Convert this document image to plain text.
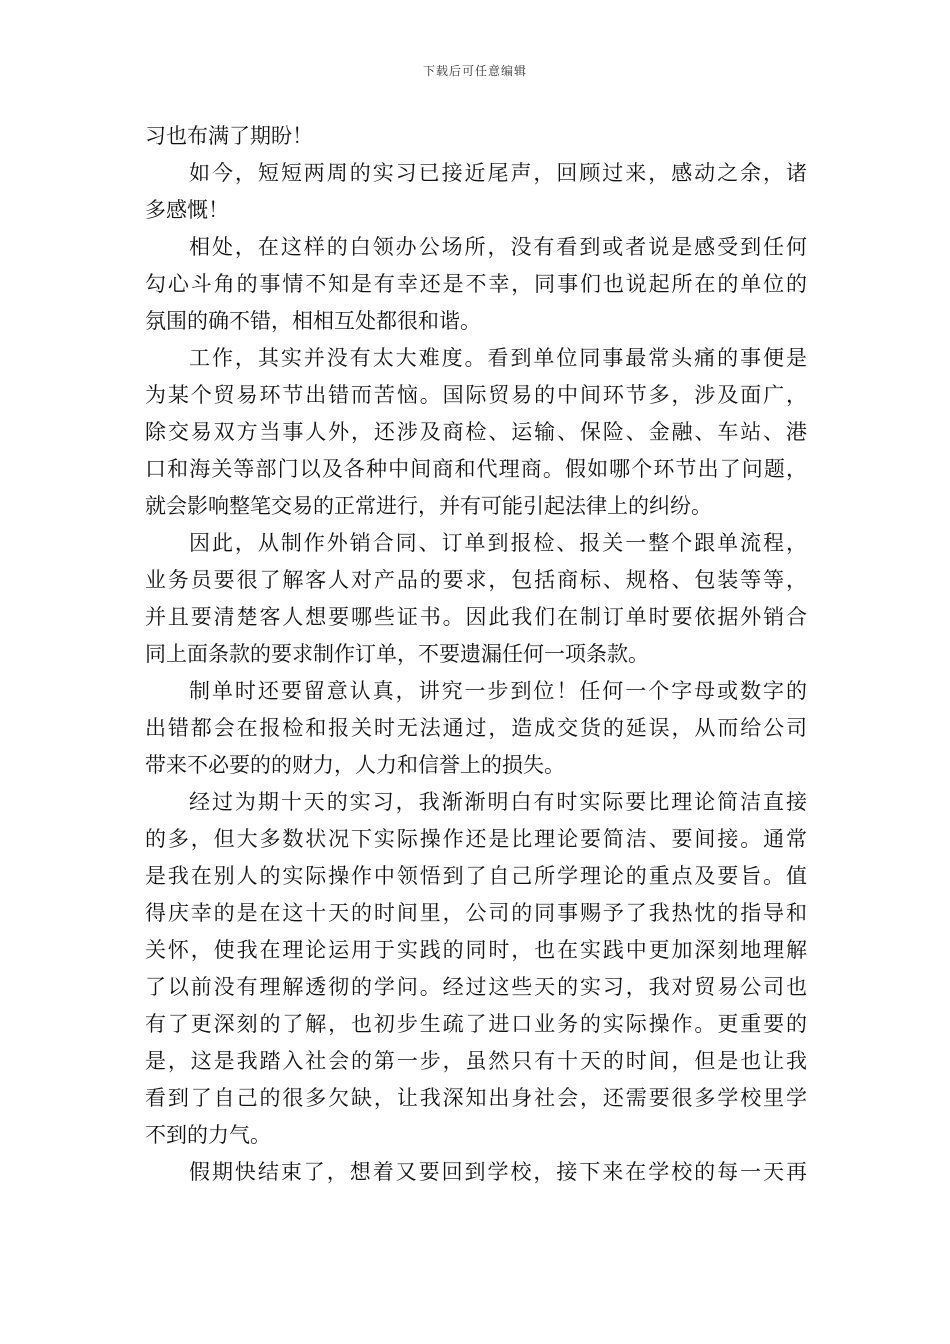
下载后可任意编辑
习也布满了期盼！
如今，短短两周的实习已接近尾声，回顾过来，感动之余，诸
多感慨！
相处，在这样的白领办公场所，没有看到或者说是感受到任何
勾心斗角的事情不知是有幸还是不幸，同事们也说起所在的单位的
氛围的确不错，相相互处都很和谐。
工作，其实并没有太大难度。看到单位同事最常头痛的事便是
为某个贸易环节出错而苦恼。国际贸易的中间环节多，涉及面广，
除交易双方当事人外，还涉及商检、运输、保险、金融、车站、港
口和海关等部门以及各种中间商和代理商。假如哪个环节出了问题，
就会影响整笔交易的正常进行，并有可能引起法律上的纠纷。
因此，从制作外销合同、订单到报检、报关一整个跟单流程，
业务员要很了解客人对产品的要求，包括商标、规格、包装等等，
并且要清楚客人想要哪些证书。因此我们在制订单时要依据外销合
同上面条款的要求制作订单，不要遗漏任何一项条款。
制单时还要留意认真，讲究一步到位！任何一个字母或数字的
出错都会在报检和报关时无法通过，造成交货的延误，从而给公司
带来不必要的的财力，人力和信誉上的损失。
经过为期十天的实习，我渐渐明白有时实际要比理论简洁直接
的多，但大多数状况下实际操作还是比理论要简洁、要间接。通常
是我在别人的实际操作中领悟到了自己所学理论的重点及要旨。值
得庆幸的是在这十天的时间里，公司的同事赐予了我热忱的指导和
关怀，使我在理论运用于实践的同时，也在实践中更加深刻地理解
了以前没有理解透彻的学问。经过这些天的实习，我对贸易公司也
有了更深刻的了解，也初步生疏了进口业务的实际操作。更重要的
是，这是我踏入社会的第一步，虽然只有十天的时间，但是也让我
看到了自己的很多欠缺，让我深知出身社会，还需要很多学校里学
不到的力气。
假期快结束了，想着又要回到学校，接下来在学校的每一天再
